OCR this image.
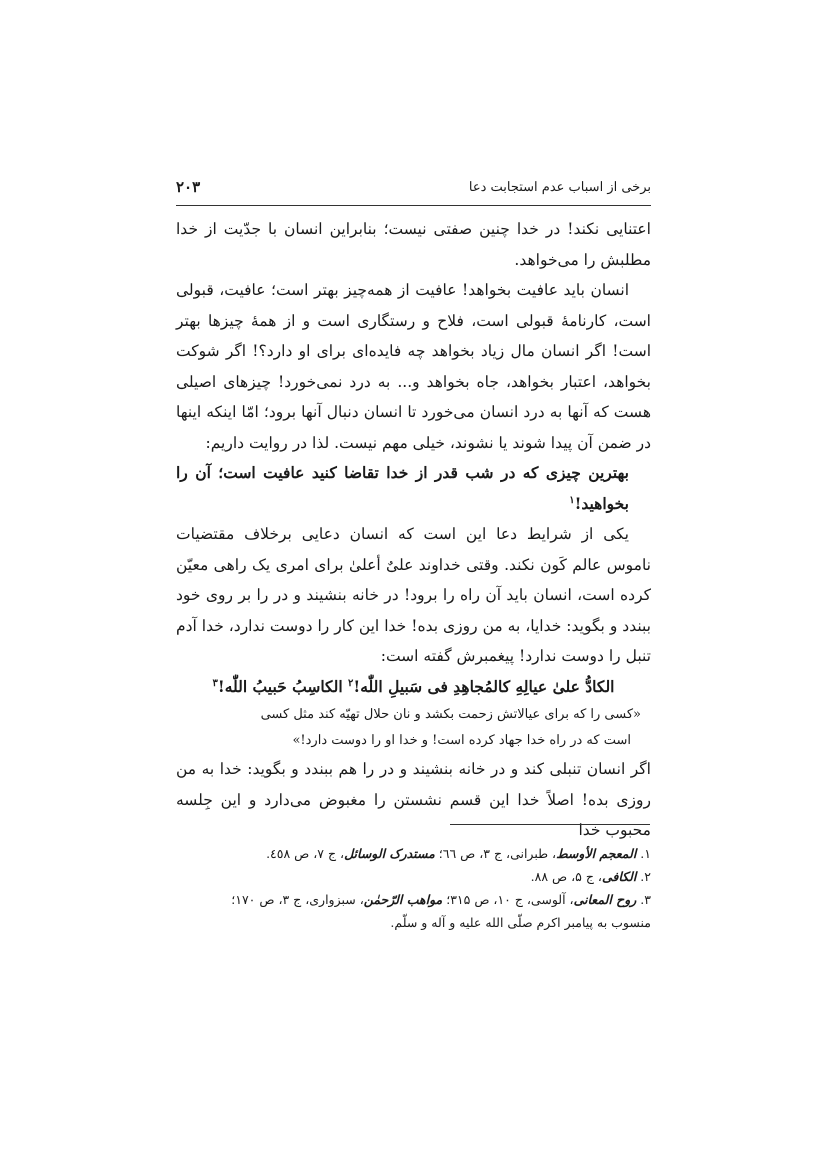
برخی از اسباب عدم استجابت دعا
۲۰۳

اعتنایی نکند! در خدا چنین صفتی نیست؛ بنابراین انسان با جدّیت از خدا مطلبش را می‌خواهد.

انسان باید عافیت بخواهد! عافیت از همه‌چیز بهتر است؛ عافیت، قبولی است، کارنامهٔ قبولی است، فلاح و رستگاری است و از همهٔ چیزها بهتر است! اگر انسان مال زیاد بخواهد چه فایده‌ای برای او دارد؟! اگر شوکت بخواهد، اعتبار بخواهد، جاه بخواهد و... به درد نمی‌خورد! چیزهای اصیلی هست که آنها به درد انسان می‌خورد تا انسان دنبال آنها برود؛ امّا اینکه اینها در ضمن آن پیدا شوند یا نشوند، خیلی مهم نیست. لذا در روایت داریم:

بهترین چیزی که در شب قدر از خدا تقاضا کنید عافیت است؛ آن را بخواهید!$^۱$

یکی از شرایط دعا این است که انسان دعایی برخلاف مقتضیات ناموس عالم کَون نکند. وقتی خداوند علیٌ أعلیٰ برای امری یک راهی معیّن کرده است، انسان باید آن راه را برود! در خانه بنشیند و در را بر روی خود ببندد و بگوید: خدایا، به من روزی بده! خدا این کار را دوست ندارد، خدا آدم تنبل را دوست ندارد! پیغمبرش گفته است:

الکادُّ علیٰ عیالِهِ کالمُجاهِدِ فی سَبیلِ اللّٰه!$^۲$ الکاسِبُ حَبیبُ اللّٰه!$^۳$

«کسی را که برای عیالاتش زحمت بکشد و نان حلال تهیّه کند مثل کسی
است که در راه خدا جهاد کرده است! و خدا او را دوست دارد!»

اگر انسان تنبلی کند و در خانه بنشیند و در را هم ببندد و بگوید: خدا به من روزی بده! اصلاً خدا این قسم نشستن را مغبوض می‌دارد و این جِلسه محبوب خدا

۱. المعجم الأوسط، طبرانی، ج ۳، ص ٦٦؛ مستدرک الوسائل، ج ۷، ص ٤٥٨.

۲. الکافی، ج ۵، ص ۸۸.

۳. روح المعانی، آلوسی، ج ۱۰، ص ۳۱۵؛ مواهب الرّحمٰن، سبزواری، ج ۳، ص ۱۷۰؛

منسوب به پیامبر اکرم صلّی الله علیه و آله و سلّم.
